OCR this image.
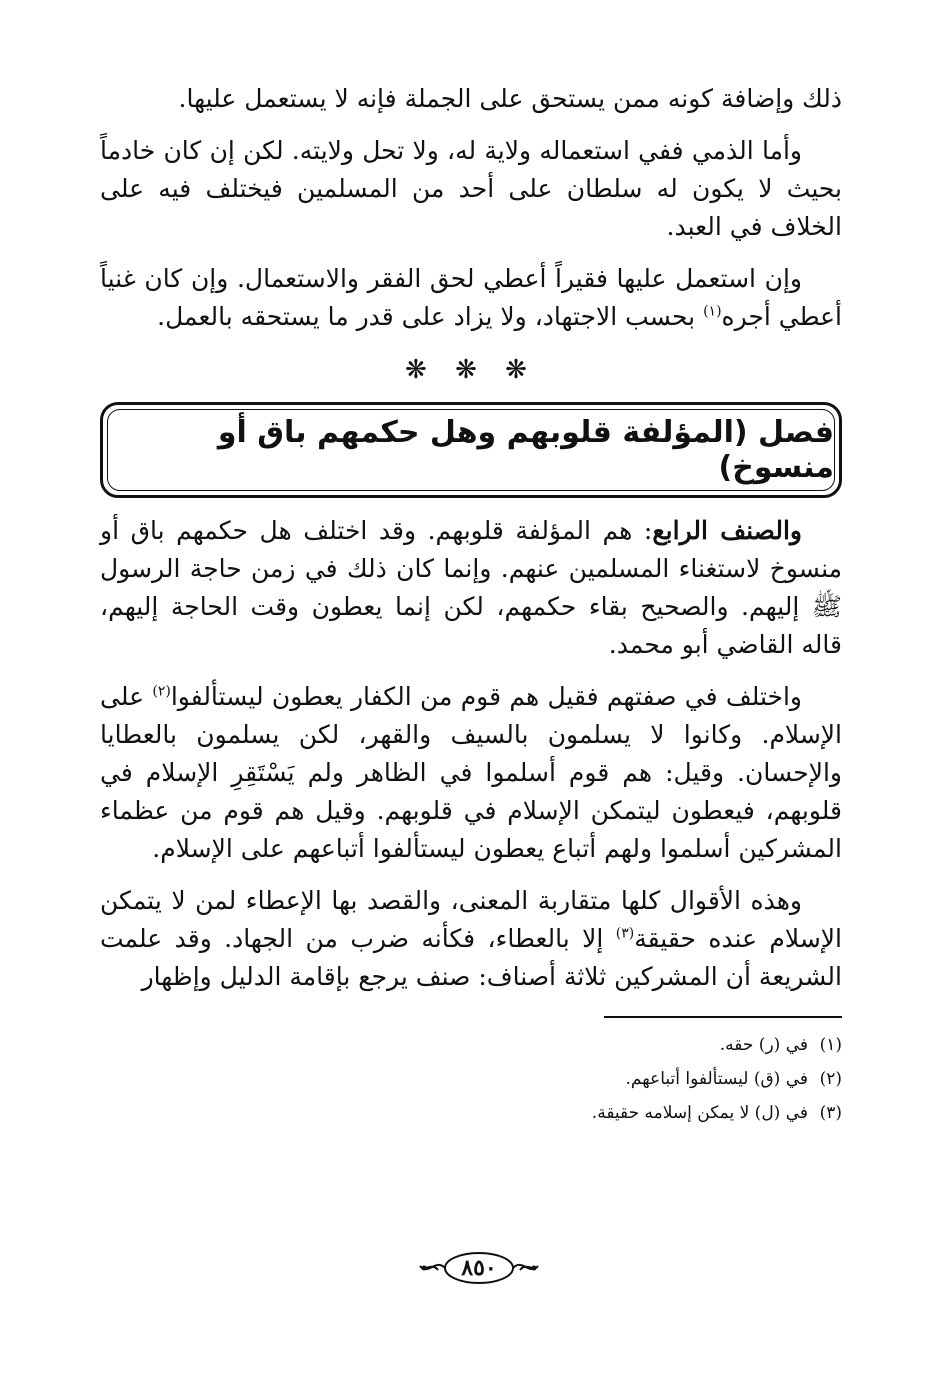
ذلك وإضافة كونه ممن يستحق على الجملة فإنه لا يستعمل عليها.

وأما الذمي ففي استعماله ولاية له، ولا تحل ولايته. لكن إن كان خادماً بحيث لا يكون له سلطان على أحد من المسلمين فيختلف فيه على الخلاف في العبد.

وإن استعمل عليها فقيراً أعطي لحق الفقر والاستعمال. وإن كان غنياً أعطي أجره$^{(١)}$ بحسب الاجتهاد، ولا يزاد على قدر ما يستحقه بالعمل.

❋ ❋ ❋
فصل (المؤلفة قلوبهم وهل حكمهم باق أو منسوخ)

والصنف الرابع: هم المؤلفة قلوبهم. وقد اختلف هل حكمهم باق أو منسوخ لاستغناء المسلمين عنهم. وإنما كان ذلك في زمن حاجة الرسول ﷺ إليهم. والصحيح بقاء حكمهم، لكن إنما يعطون وقت الحاجة إليهم، قاله القاضي أبو محمد.

واختلف في صفتهم فقيل هم قوم من الكفار يعطون ليستألفوا$^{(٢)}$ على الإسلام. وكانوا لا يسلمون بالسيف والقهر، لكن يسلمون بالعطايا والإحسان. وقيل: هم قوم أسلموا في الظاهر ولم يَسْتَقِرِ الإسلام في قلوبهم، فيعطون ليتمكن الإسلام في قلوبهم. وقيل هم قوم من عظماء المشركين أسلموا ولهم أتباع يعطون ليستألفوا أتباعهم على الإسلام.

وهذه الأقوال كلها متقاربة المعنى، والقصد بها الإعطاء لمن لا يتمكن الإسلام عنده حقيقة$^{(٣)}$ إلا بالعطاء، فكأنه ضرب من الجهاد. وقد علمت الشريعة أن المشركين ثلاثة أصناف: صنف يرجع بإقامة الدليل وإظهار

(١)في (ر) حقه.

(٢)في (ق) ليستألفوا أتباعهم.

(٣)في (ل) لا يمكن إسلامه حقيقة.

٨٥٠
